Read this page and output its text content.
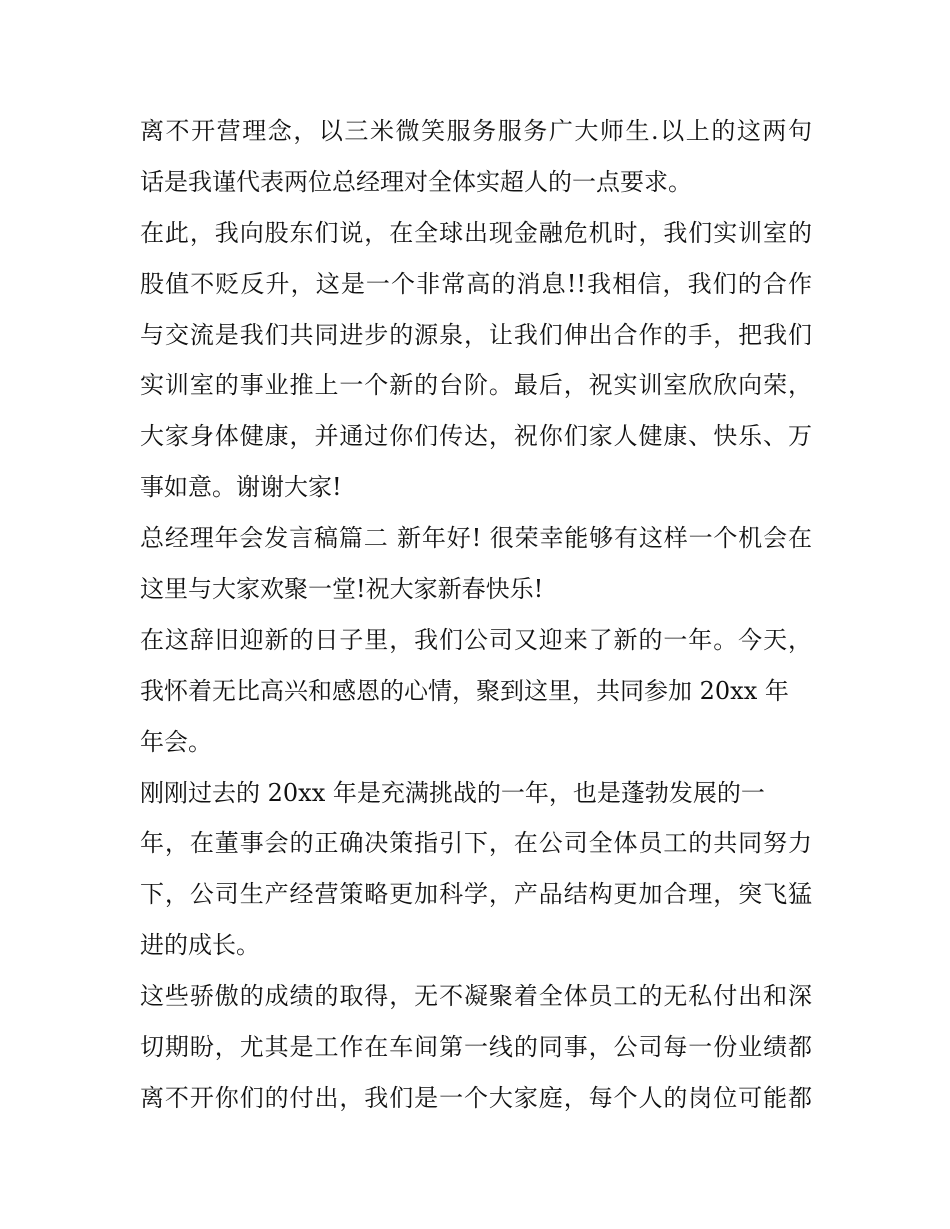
离不开营理念，以三米微笑服务服务广大师生.以上的这两句
话是我谨代表两位总经理对全体实超人的一点要求。
在此，我向股东们说，在全球出现金融危机时，我们实训室的
股值不贬反升，这是一个非常高的消息!!我相信，我们的合作
与交流是我们共同进步的源泉，让我们伸出合作的手，把我们
实训室的事业推上一个新的台阶。最后，祝实训室欣欣向荣，
大家身体健康，并通过你们传达，祝你们家人健康、快乐、万
事如意。谢谢大家!
总经理年会发言稿篇二 新年好! 很荣幸能够有这样一个机会在
这里与大家欢聚一堂!祝大家新春快乐!
在这辞旧迎新的日子里，我们公司又迎来了新的一年。今天，
我怀着无比高兴和感恩的心情，聚到这里，共同参加 20xx 年
年会。
刚刚过去的 20xx 年是充满挑战的一年，也是蓬勃发展的一
年，在董事会的正确决策指引下，在公司全体员工的共同努力
下，公司生产经营策略更加科学，产品结构更加合理，突飞猛
进的成长。
这些骄傲的成绩的取得，无不凝聚着全体员工的无私付出和深
切期盼，尤其是工作在车间第一线的同事，公司每一份业绩都
离不开你们的付出，我们是一个大家庭，每个人的岗位可能都
